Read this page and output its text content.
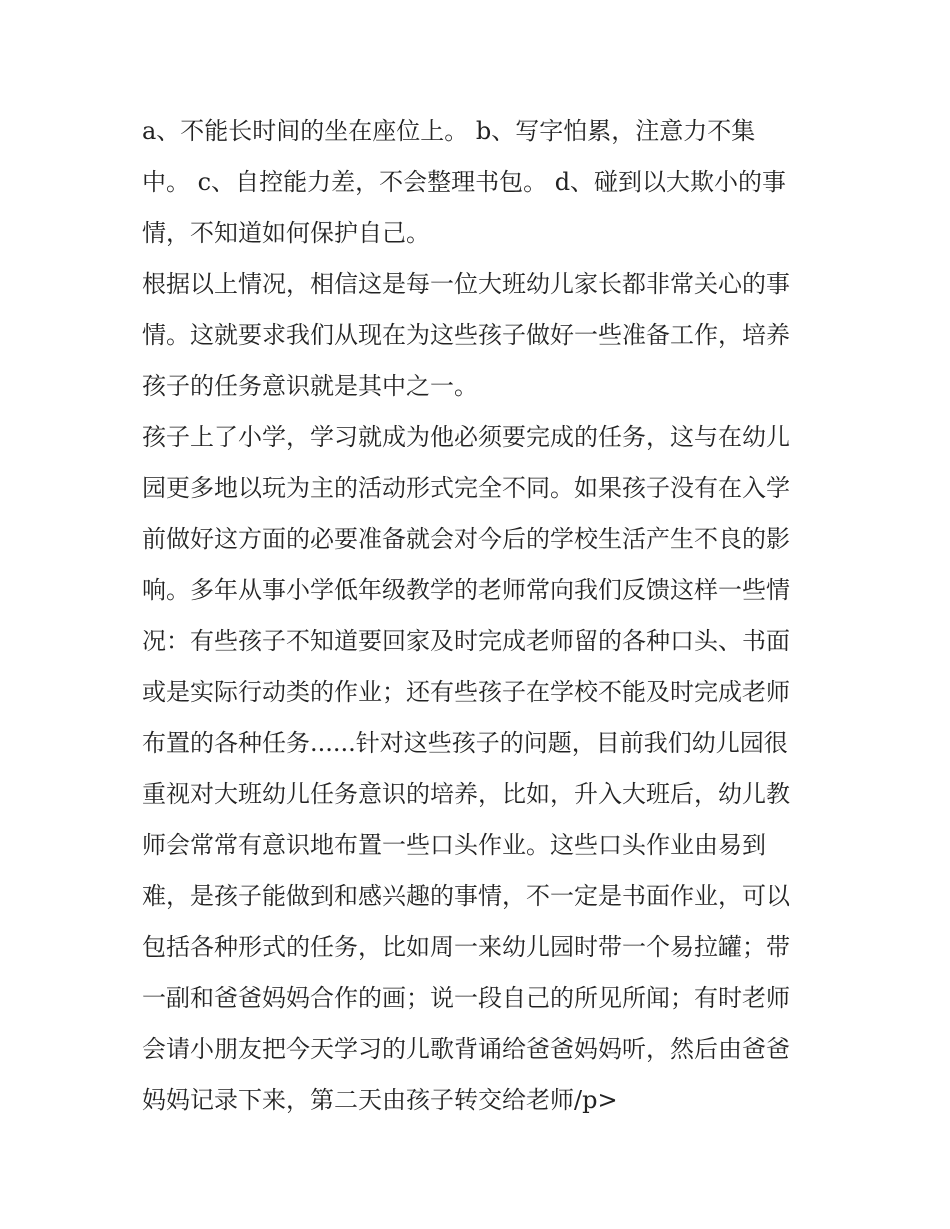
a、不能长时间的坐在座位上。 b、写字怕累，注意力不集
中。 c、自控能力差，不会整理书包。 d、碰到以大欺小的事
情，不知道如何保护自己。
根据以上情况，相信这是每一位大班幼儿家长都非常关心的事
情。这就要求我们从现在为这些孩子做好一些准备工作，培养
孩子的任务意识就是其中之一。
孩子上了小学，学习就成为他必须要完成的任务，这与在幼儿
园更多地以玩为主的活动形式完全不同。如果孩子没有在入学
前做好这方面的必要准备就会对今后的学校生活产生不良的影
响。多年从事小学低年级教学的老师常向我们反馈这样一些情
况：有些孩子不知道要回家及时完成老师留的各种口头、书面
或是实际行动类的作业；还有些孩子在学校不能及时完成老师
布置的各种任务......针对这些孩子的问题，目前我们幼儿园很
重视对大班幼儿任务意识的培养，比如，升入大班后，幼儿教
师会常常有意识地布置一些口头作业。这些口头作业由易到
难，是孩子能做到和感兴趣的事情，不一定是书面作业，可以
包括各种形式的任务，比如周一来幼儿园时带一个易拉罐；带
一副和爸爸妈妈合作的画；说一段自己的所见所闻；有时老师
会请小朋友把今天学习的儿歌背诵给爸爸妈妈听，然后由爸爸
妈妈记录下来，第二天由孩子转交给老师/p>
